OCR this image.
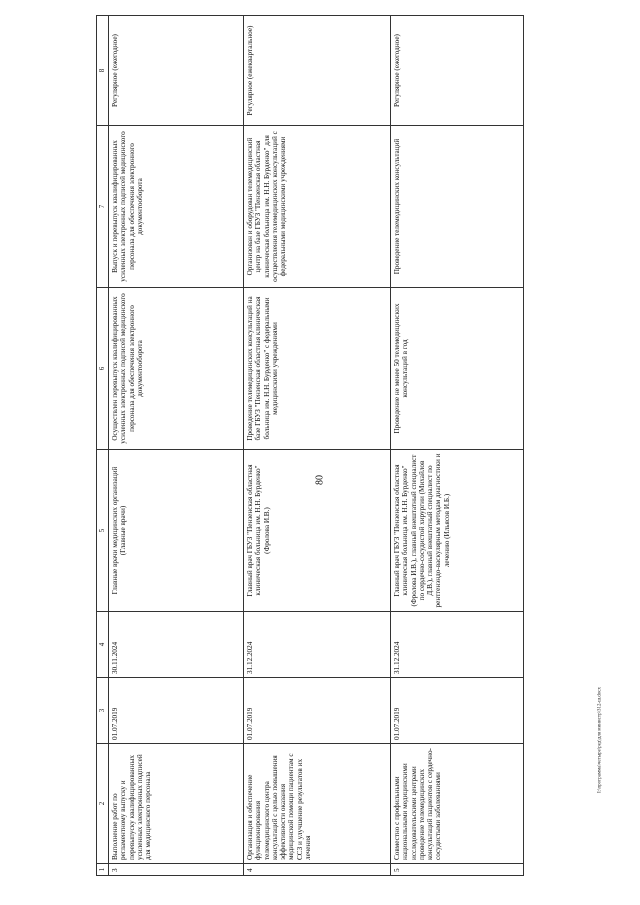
80
1	2	3	4	5	6	7	8
3	Выполнение работ по регламентному выпуску и перевыпуску квалифицированных усиленных электронных подписей для медицинского персонала	01.07.2019	30.11.2024	Главные врачи медицинских организаций (Главные врачи)	Осуществлен перевыпуск квалифицированных усиленных электронных подписей медицинского персонала для обеспечения электронного документооборота	Выпуск и перевыпуск квалифицированных усиленных электронных подписей медицинского персонала для обеспечения электронного документооборота	Регулярное (ежегодное)
4	Организация и обеспечение функционирования телемедицинского центра консультаций с целью повышения эффективности оказания медицинской помощи пациентам с ССЗ и улучшение результатов их лечения	01.07.2019	31.12.2024	Главный врач ГБУЗ "Пензенская областная клиническая больница им. Н.Н. Бурденко" (Фролова И.В.)	Проведение телемедицинских консультаций на базе ГБУЗ "Пензенская областная клиническая больница им. Н.Н. Бурденко" с федеральными медицинскими учреждениями	Организован и оборудован телемедицинский центр на базе ГБУЗ "Пензенская областная клиническая больница им. Н.Н. Бурденко" для осуществления телемедицинских консультаций с федеральными медицинскими учреждениями	Регулярное (ежеквартальное)
5	Совместно с профильными национальными медицинскими исследовательскими центрами проведение телемедицинских консультаций пациентов с сердечно-сосудистыми заболеваниями	01.07.2019	31.12.2024	Главный врач ГБУЗ "Пензенская областная клиническая больница им. Н.Н. Бурденко" (Фролова И.В.), главный внештатный специалист по сердечно-сосудистой хирургии (Михайлов Д.В.), главный внештатный специалист по рентгенэндо-васкулярным методам диагностики и лечению (Ильясов И.Б.)	Проведение не менее 50 телемедицинских консультаций в год	Проведение телемедицинских консультаций	Регулярное (ежегодное)
I:\программа\четыре\ред\для министр\312-ш.docx
